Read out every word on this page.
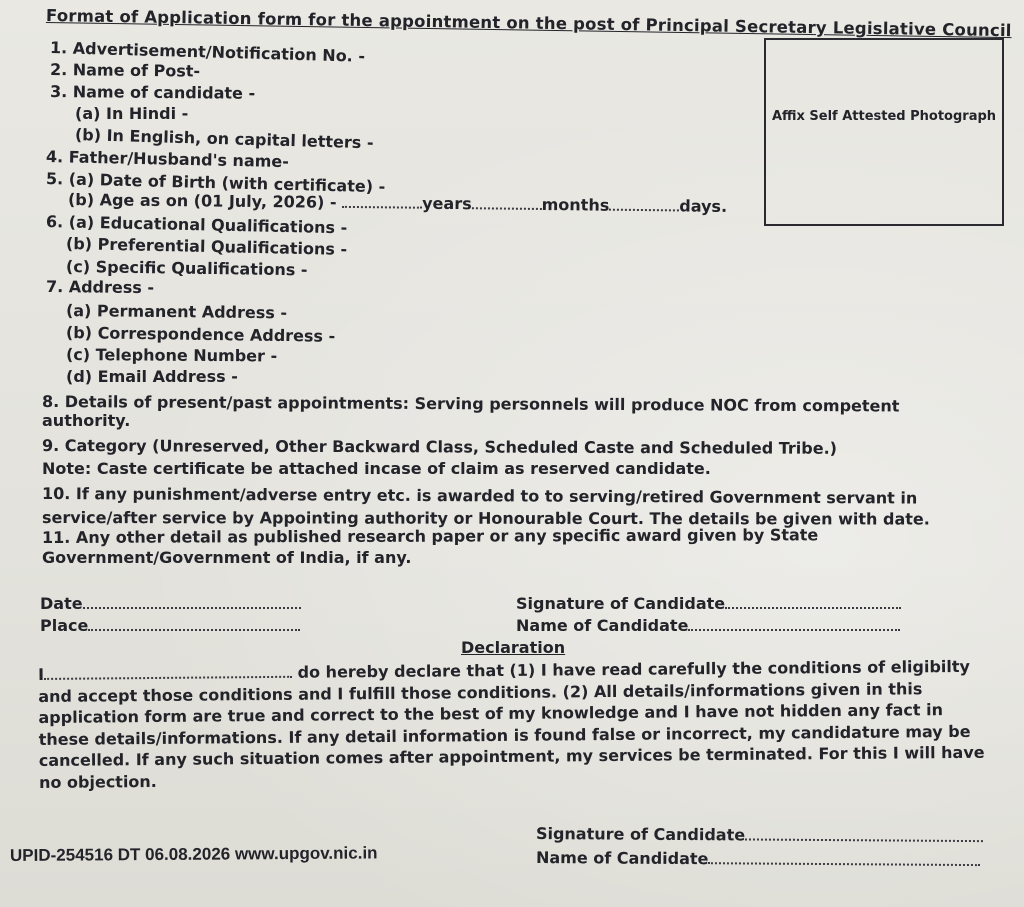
Format of Application form for the appointment on the post of Principal Secretary Legislative Council
Affix Self Attested Photograph
1. Advertisement/Notification No. -
2. Name of Post-
3. Name of candidate -
(a) In Hindi -
(b) In English, on capital letters -
4. Father/Husband's name-
5. (a) Date of Birth (with certificate) -
(b) Age as on (01 July, 2026) -	years	months	days.
6. (a) Educational Qualifications -
(b) Preferential Qualifications -
(c) Specific Qualifications -
7. Address -
(a) Permanent Address -
(b) Correspondence Address -
(c) Telephone Number -
(d) Email Address -
8. Details of present/past appointments: Serving personnels will produce NOC from competent
authority.
9. Category (Unreserved, Other Backward Class, Scheduled Caste and Scheduled Tribe.)
Note: Caste certificate be attached incase of claim as reserved candidate.
10. If any punishment/adverse entry etc. is awarded to to serving/retired Government servant in
service/after service by Appointing authority or Honourable Court. The details be given with date.
11. Any other detail as published research paper or any specific award given by State
Government/Government of India, if any.
Date
Place
Signature of Candidate
Name of Candidate
Declaration
I	do hereby declare that (1) I have read carefully the conditions of eligibilty and accept those conditions and I fulfill those conditions. (2) All details/informations given in this application form are true and correct to the best of my knowledge and I have not hidden any fact in these details/informations. If any detail information is found false or incorrect, my candidature may be cancelled. If any such situation comes after appointment, my services be terminated. For this I will have no objection.
UPID-254516 DT 06.08.2026 www.upgov.nic.in
Signature of Candidate
Name of Candidate
